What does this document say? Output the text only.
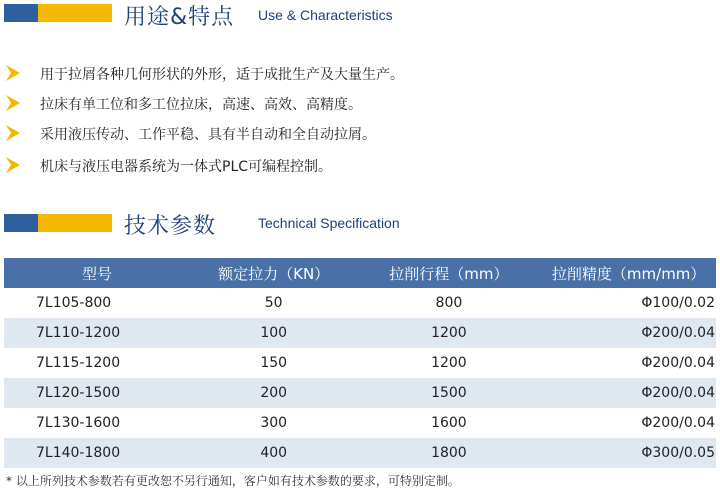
用途&特点 Use & Characteristics
用于拉屑各种几何形状的外形，适于成批生产及大量生产。
拉床有单工位和多工位拉床，高速、高效、高精度。
采用液压传动、工作平稳、具有半自动和全自动拉屑。
机床与液压电器系统为一体式PLC可编程控制。
技术参数	Technical Specification
型号	额定拉力（KN）	拉削行程（mm）	拉削精度（mm/mm）
7L105-800	50	800	Φ100/0.02
7L110-1200	100	1200	Φ200/0.04
7L115-1200	150	1200	Φ200/0.04
7L120-1500	200	1500	Φ200/0.04
7L130-1600	300	1600	Φ200/0.04
7L140-1800	400	1800	Φ300/0.05
* 以上所列技术参数若有更改恕不另行通知，客户如有技术参数的要求，可特别定制。
